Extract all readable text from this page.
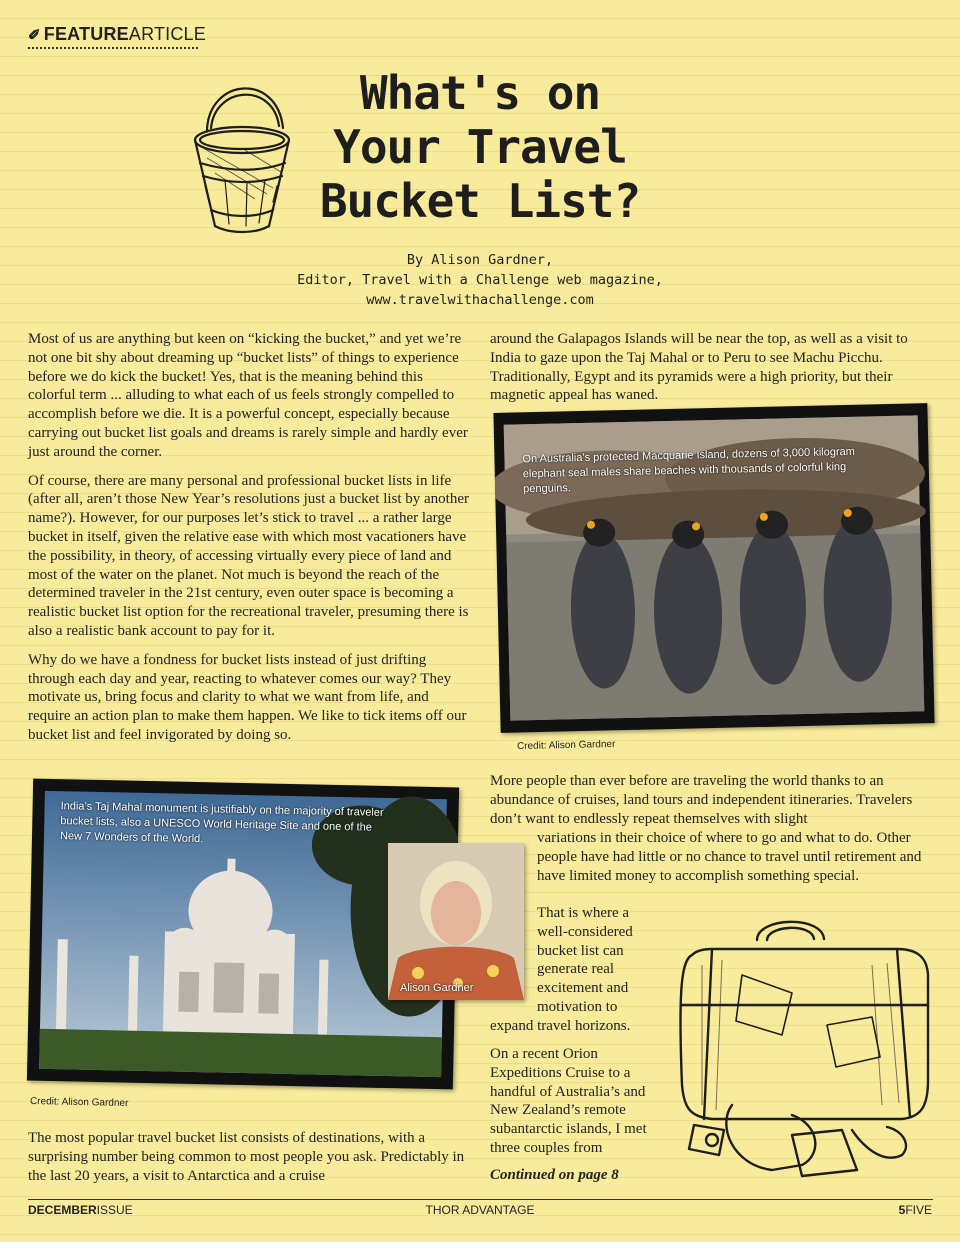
✐ FEATUREARTICLE
What's on
Your Travel
Bucket List?
By Alison Gardner,
Editor, Travel with a Challenge web magazine, www.travelwithachallenge.com

Most of us are anything but keen on “kicking the bucket,” and yet we’re not one bit shy about dreaming up “bucket lists” of things to experience before we do kick the bucket! Yes, that is the meaning behind this colorful term ... alluding to what each of us feels strongly compelled to accomplish before we die. It is a powerful concept, especially because carrying out bucket list goals and dreams is rarely simple and hardly ever just around the corner.

Of course, there are many personal and professional bucket lists in life (after all, aren’t those New Year’s resolutions just a bucket list by another name?). However, for our purposes let’s stick to travel ... a rather large bucket in itself, given the relative ease with which most vacationers have the possibility, in theory, of accessing virtually every piece of land and most of the water on the planet. Not much is beyond the reach of the determined traveler in the 21st century, even outer space is becoming a realistic bucket list option for the recreational traveler, presuming there is also a realistic bank account to pay for it.

Why do we have a fondness for bucket lists instead of just drifting through each day and year, reacting to whatever comes our way? They motivate us, bring focus and clarity to what we want from life, and require an action plan to make them happen. We like to tick items off our bucket list and feel invigorated by doing so.

around the Galapagos Islands will be near the top, as well as a visit to India to gaze upon the Taj Mahal or to Peru to see Machu Picchu. Traditionally, Egypt and its pyramids were a high priority, but their magnetic appeal has waned.

On Australia’s protected Macquarie Island, dozens of 3,000 kilogram elephant seal males share beaches with thousands of colorful king penguins.
Credit: Alison Gardner
More people than ever before are traveling the world thanks to an abundance of cruises, land tours and independent itineraries. Travelers don’t want to endlessly repeat themselves with slight
variations in their choice of where to go and what to do. Other people have had little or no chance to travel until retirement and have limited money to accomplish something special.
That is where a well-considered bucket list can generate real excitement and motivation to
expand travel horizons.
On a recent Orion Expeditions Cruise to a handful of Australia’s and New Zealand’s remote subantarctic islands, I met three couples from
Continued on page 8
India’s Taj Mahal monument is justifiably on the majority of traveler bucket lists, also a UNESCO World Heritage Site and one of the New 7 Wonders of the World.
Credit: Alison Gardner
Alison Gardner
The most popular travel bucket list consists of destinations, with a surprising number being common to most people you ask. Predictably in the last 20 years, a visit to Antarctica and a cruise
DECEMBERISSUE	THOR ADVANTAGE	5FIVE
